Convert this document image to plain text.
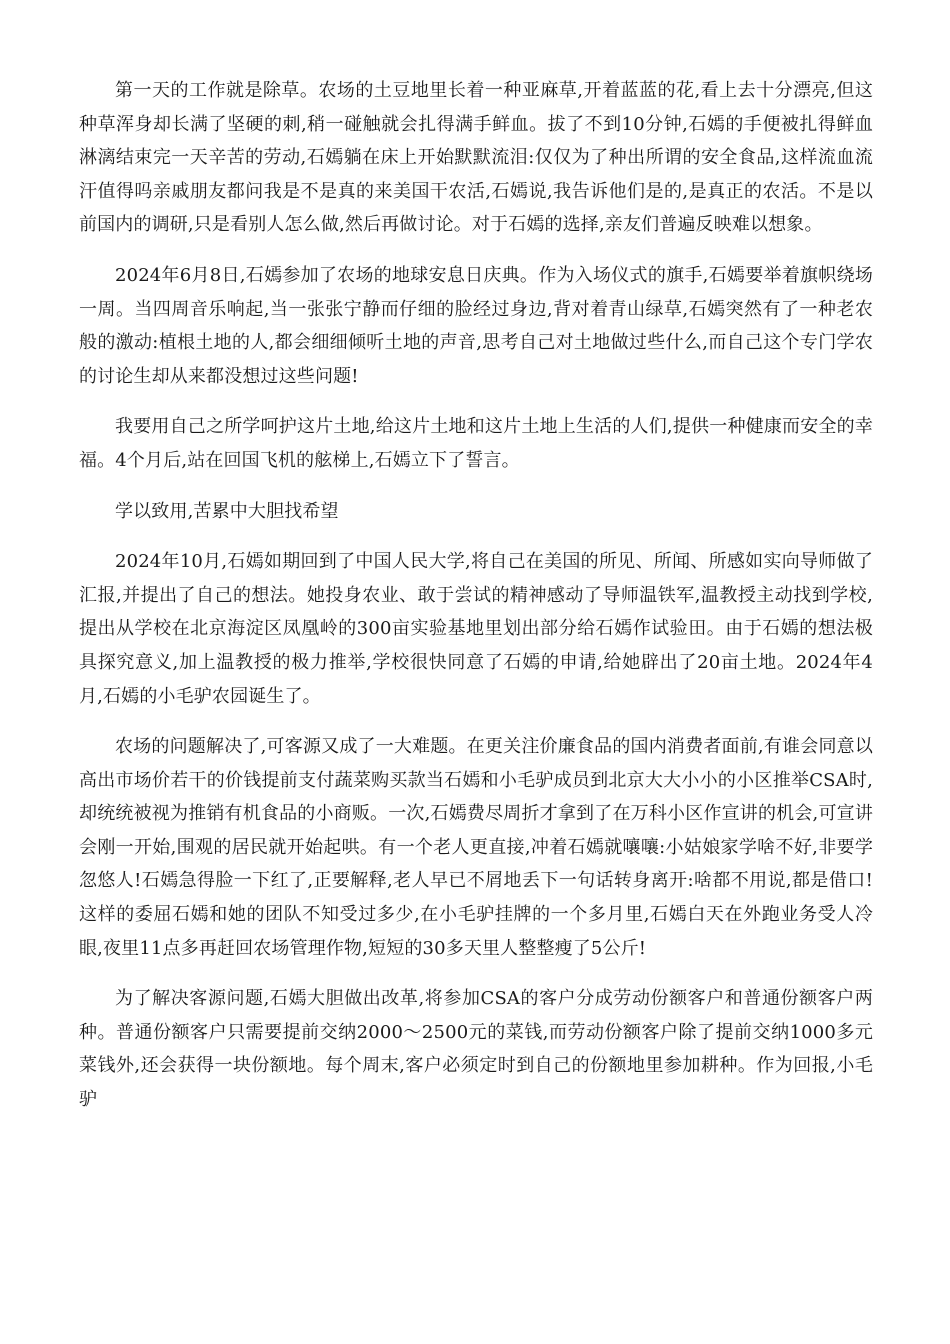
第一天的工作就是除草。农场的土豆地里长着一种亚麻草,开着蓝蓝的花,看上去十分漂亮,但这种草浑身却长满了坚硬的刺,稍一碰触就会扎得满手鲜血。拔了不到10分钟,石嫣的手便被扎得鲜血淋漓结束完一天辛苦的劳动,石嫣躺在床上开始默默流泪:仅仅为了种出所谓的安全食品,这样流血流汗值得吗亲戚朋友都问我是不是真的来美国干农活,石嫣说,我告诉他们是的,是真正的农活。不是以前国内的调研,只是看别人怎么做,然后再做讨论。对于石嫣的选择,亲友们普遍反映难以想象。

2024年6月8日,石嫣参加了农场的地球安息日庆典。作为入场仪式的旗手,石嫣要举着旗帜绕场一周。当四周音乐响起,当一张张宁静而仔细的脸经过身边,背对着青山绿草,石嫣突然有了一种老农般的激动:植根土地的人,都会细细倾听土地的声音,思考自己对土地做过些什么,而自己这个专门学农的讨论生却从来都没想过这些问题!

我要用自己之所学呵护这片土地,给这片土地和这片土地上生活的人们,提供一种健康而安全的幸福。4个月后,站在回国飞机的舷梯上,石嫣立下了誓言。

学以致用,苦累中大胆找希望

2024年10月,石嫣如期回到了中国人民大学,将自己在美国的所见、所闻、所感如实向导师做了汇报,并提出了自己的想法。她投身农业、敢于尝试的精神感动了导师温铁军,温教授主动找到学校,提出从学校在北京海淀区凤凰岭的300亩实验基地里划出部分给石嫣作试验田。由于石嫣的想法极具探究意义,加上温教授的极力推举,学校很快同意了石嫣的申请,给她辟出了20亩土地。2024年4月,石嫣的小毛驴农园诞生了。

农场的问题解决了,可客源又成了一大难题。在更关注价廉食品的国内消费者面前,有谁会同意以高出市场价若干的价钱提前支付蔬菜购买款当石嫣和小毛驴成员到北京大大小小的小区推举CSA时,却统统被视为推销有机食品的小商贩。一次,石嫣费尽周折才拿到了在万科小区作宣讲的机会,可宣讲会刚一开始,围观的居民就开始起哄。有一个老人更直接,冲着石嫣就嚷嚷:小姑娘家学啥不好,非要学忽悠人!石嫣急得脸一下红了,正要解释,老人早已不屑地丢下一句话转身离开:啥都不用说,都是借口!这样的委屈石嫣和她的团队不知受过多少,在小毛驴挂牌的一个多月里,石嫣白天在外跑业务受人冷眼,夜里11点多再赶回农场管理作物,短短的30多天里人整整瘦了5公斤!

为了解决客源问题,石嫣大胆做出改革,将参加CSA的客户分成劳动份额客户和普通份额客户两种。普通份额客户只需要提前交纳2000～2500元的菜钱,而劳动份额客户除了提前交纳1000多元菜钱外,还会获得一块份额地。每个周末,客户必须定时到自己的份额地里参加耕种。作为回报,小毛驴
